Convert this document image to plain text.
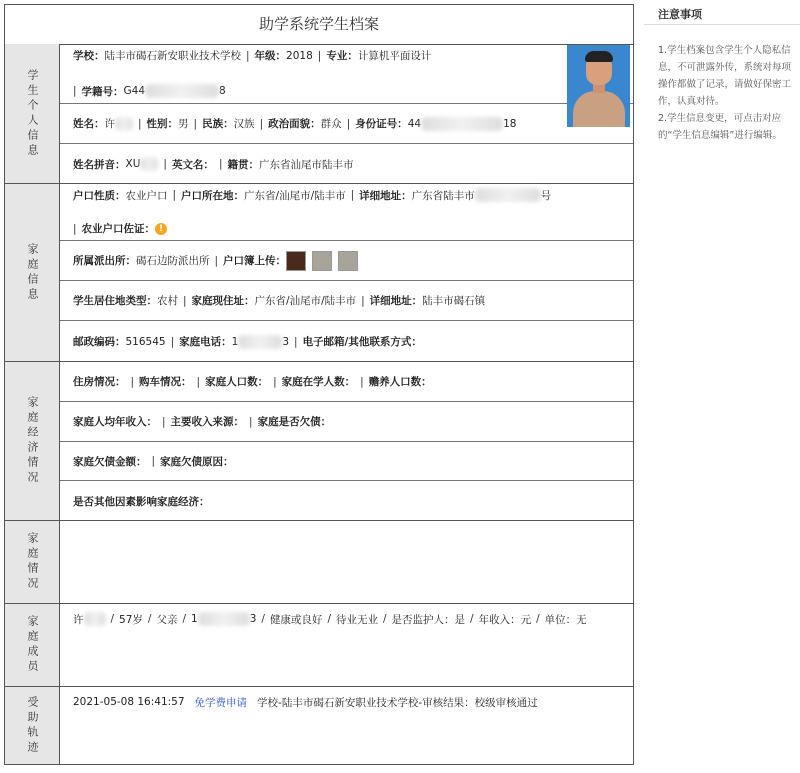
助学系统学生档案
学生个人信息
学校： 陆丰市碣石新安职业技术学校 | 年级： 2018 | 专业： 计算机平面设计
| 学籍号： G44	8
姓名： 许 | 性别： 男 | 民族： 汉族 | 政治面貌： 群众 | 身份证号： 44	18
姓名拼音： XU | 英文名： | 籍贯： 广东省汕尾市陆丰市
家庭信息
户口性质： 农业户口 | 户口所在地： 广东省/汕尾市/陆丰市 | 详细地址： 广东省陆丰市	号
| 农业户口佐证： !
所属派出所： 碣石边防派出所 | 户口簿上传：
学生居住地类型： 农村 | 家庭现住址： 广东省/汕尾市/陆丰市 | 详细地址： 陆丰市碣石镇
邮政编码： 516545 | 家庭电话： 1	3 | 电子邮箱/其他联系方式：
家庭经济情况
住房情况： | 购车情况： | 家庭人口数： | 家庭在学人数： | 赡养人口数：
家庭人均年收入： | 主要收入来源： | 家庭是否欠债：
家庭欠债金额： | 家庭欠债原因：
是否其他因素影响家庭经济：
家庭情况
家庭成员	许	/ 57岁 / 父亲 / 1	3 / 健康或良好 / 待业无业 / 是否监护人：是 / 年收入：元 / 单位：无
受助轨迹	2021-05-08 16:41:57 免学费申请 学校-陆丰市碣石新安职业技术学校-审核结果：校级审核通过
注意事项

1.学生档案包含学生个人隐私信息，不可泄露外传，系统对每项操作都做了记录，请做好保密工作，认真对待。

2.学生信息变更，可点击对应的“学生信息编辑”进行编辑。
